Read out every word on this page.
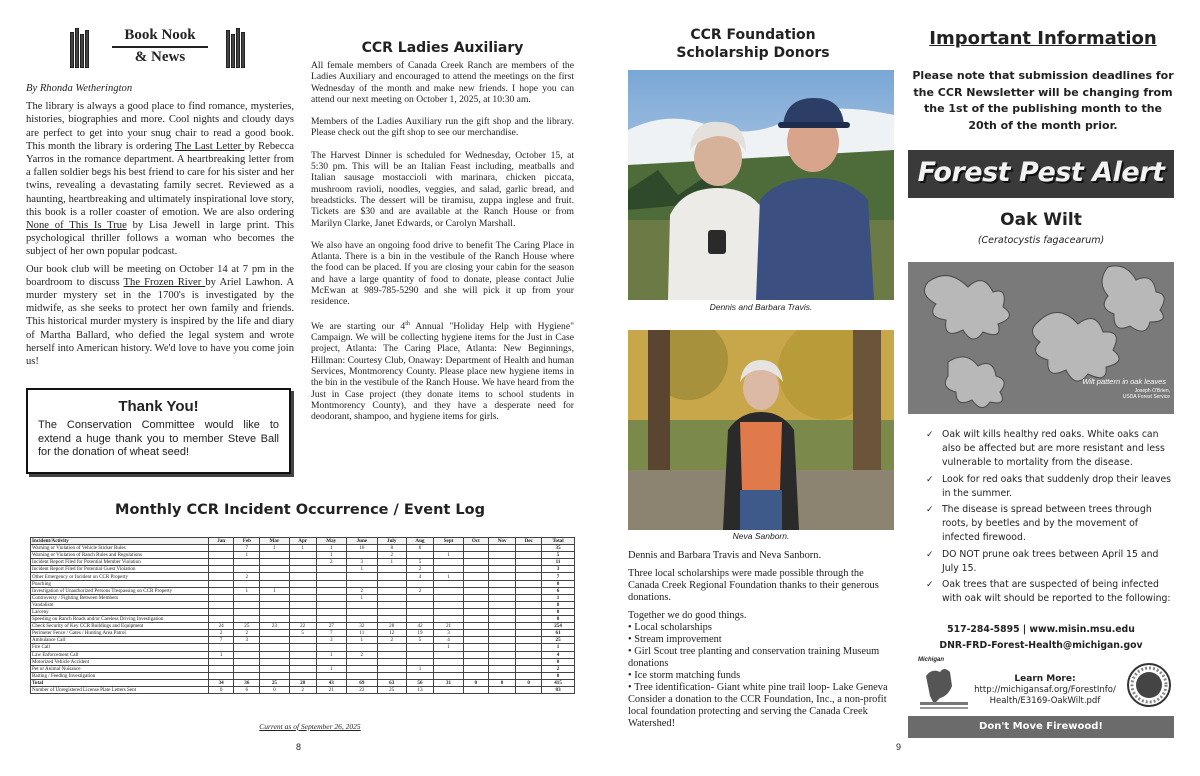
Book Nook
& News
By Rhonda Wetherington

The library is always a good place to find romance, mysteries, histories, biographies and more. Cool nights and cloudy days are perfect to get into your snug chair to read a good book. This month the library is ordering The Last Letter by Rebecca Yarros in the romance department. A heartbreaking letter from a fallen soldier begs his best friend to care for his sister and her twins, revealing a devastating family secret. Reviewed as a haunting, heartbreaking and ultimately inspirational love story, this book is a roller coaster of emotion. We are also ordering None of This Is True by Lisa Jewell in large print. This psychological thriller follows a woman who becomes the subject of her own popular podcast.

Our book club will be meeting on October 14 at 7 pm in the boardroom to discuss The Frozen River by Ariel Lawhon. A murder mystery set in the 1700's is investigated by the midwife, as she seeks to protect her own family and friends. This historical murder mystery is inspired by the life and diary of Martha Ballard, who defied the legal system and wrote herself into American history. We'd love to have you come join us!

Thank You!

The Conservation Committee would like to extend a huge thank you to member Steve Ball for the donation of wheat seed!

CCR Ladies Auxiliary

All female members of Canada Creek Ranch are members of the Ladies Auxiliary and encouraged to attend the meetings on the first Wednesday of the month and make new friends. I hope you can attend our next meeting on October 1, 2025, at 10:30 am.

Members of the Ladies Auxiliary run the gift shop and the library. Please check out the gift shop to see our merchandise.

The Harvest Dinner is scheduled for Wednesday, October 15, at 5:30 pm. This will be an Italian Feast including, meatballs and Italian sausage mostaccioli with marinara, chicken piccata, mushroom ravioli, noodles, veggies, and salad, garlic bread, and breadsticks. The dessert will be tiramisu, zuppa inglese and fruit. Tickets are $30 and are available at the Ranch House or from Marilyn Clarke, Janet Edwards, or Carolyn Marshall.

We also have an ongoing food drive to benefit The Caring Place in Atlanta. There is a bin in the vestibule of the Ranch House where the food can be placed. If you are closing your cabin for the season and have a large quantity of food to donate, please contact Julie McEwan at 989-785-5290 and she will pick it up from your residence.

We are starting our 4th Annual "Holiday Help with Hygiene" Campaign. We will be collecting hygiene items for the Just in Case project, Atlanta: The Caring Place, Atlanta: New Beginnings, Hillman: Courtesy Club, Onaway: Department of Health and human Services, Montmorency County. Please place new hygiene items in the bin in the vestibule of the Ranch House. We have heard from the Just in Case project (they donate items to school students in Montmorency County), and they have a desperate need for deodorant, shampoo, and hygiene items for girls.

Monthly CCR Incident Occurrence / Event Log
Incident/Activity	Jan	Feb	Mar	Apr	May	June	July	Aug	Sept	Oct	Nov	Dec	Total
Warning or Violation of Vehicle Sticker Rules		7	1	1	1	16	8	6					35
Warning or Violation of Ranch Rules and Regulations		1			1		2		1				5
Incident Report Filed for Potential Member Violation					2	3	1	5					11
Incident Report Filed for Potential Guest Violation						1		2					3
Other Emergency or Incident on CCR Property		2						4	1				7
Poaching													0
Investigation of Unauthorized Persons Trespassing on CCR Property		1	1			2		2					6
Controversy / Fighting Between Members						1							1
Vandalism													0
Larceny													0
Speeding on Ranch Roads and/or Careless Driving Investigation													0
Check Security of Key CCR Buildings and Equipment	24	25	23	22	27	32	28	42	21				254
Perimeter Fence / Gates / Hunting Area Patrol	2	2		5	7	11	12	19	3				61
Ambulance Call	7	3			3	1	2	5	4				25
Fire Call									1				1
Law Enforcement Call	1				1	2							4
Motorized Vehicle Accident													0
Pet or Animal Nuisance					1			1					2
Baiting / Feeding Investigation													0
Total	34	36	25	28	43	69	63	56	31	0	0	0	415
Number of Unregistered License Plate Letters Sent	0	6	0	2	21	22	25	13					83
Current as of September 26, 2025
8
CCR Foundation
Scholarship Donors
Dennis and Barbara Travis.
Neva Sanborn.

Dennis and Barbara Travis and Neva Sanborn.

Three local scholarships were made possible through the Canada Creek Regional Foundation thanks to their generous donations.

Together we do good things.

• Local scholarships
• Stream improvement
• Girl Scout tree planting and conservation training Museum donations
• Ice storm matching funds
• Tree identification- Giant white pine trail loop- Lake Geneva

Consider a donation to the CCR Foundation, Inc., a non-profit local foundation protecting and serving the Canada Creek Watershed!

9
Important Information
Please note that submission deadlines for the CCR Newsletter will be changing from the 1st of the publishing month to the 20th of the month prior.
Forest Pest Alert
Oak Wilt
(Ceratocystis fagacearum)
Wilt pattern in oak leaves
Joseph O'Brien,
USDA Forest Service
✓ Oak wilt kills healthy red oaks. White oaks can also be affected but are more resistant and less vulnerable to mortality from the disease.
✓ Look for red oaks that suddenly drop their leaves in the summer.
✓ The disease is spread between trees through roots, by beetles and by the movement of infected firewood.
✓ DO NOT prune oak trees between April 15 and July 15.
✓ Oak trees that are suspected of being infected with oak wilt should be reported to the following:
517-284-5895 | www.misin.msu.edu
DNR-FRD-Forest-Health@michigan.gov
Michigan
Learn More:
http://michigansaf.org/ForestInfo/
Health/E3169-OakWilt.pdf
Don't Move Firewood!
